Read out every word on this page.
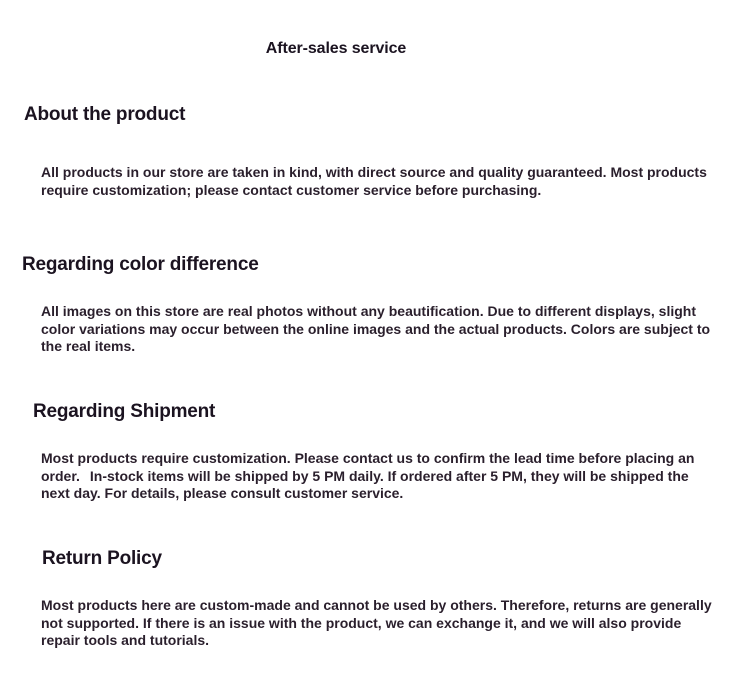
After-sales service
About the product
All products in our store are taken in kind, with direct source and quality guaranteed. Most products require customization; please contact customer service before purchasing.
Regarding color difference
All images on this store are real photos without any beautification. Due to different displays, slight color variations may occur between the online images and the actual products. Colors are subject to the real items.
Regarding Shipment
Most products require customization. Please contact us to confirm the lead time before placing an order. In-stock items will be shipped by 5 PM daily. If ordered after 5 PM, they will be shipped the next day. For details, please consult customer service.
Return Policy
Most products here are custom-made and cannot be used by others. Therefore, returns are generally not supported. If there is an issue with the product, we can exchange it, and we will also provide repair tools and tutorials.
